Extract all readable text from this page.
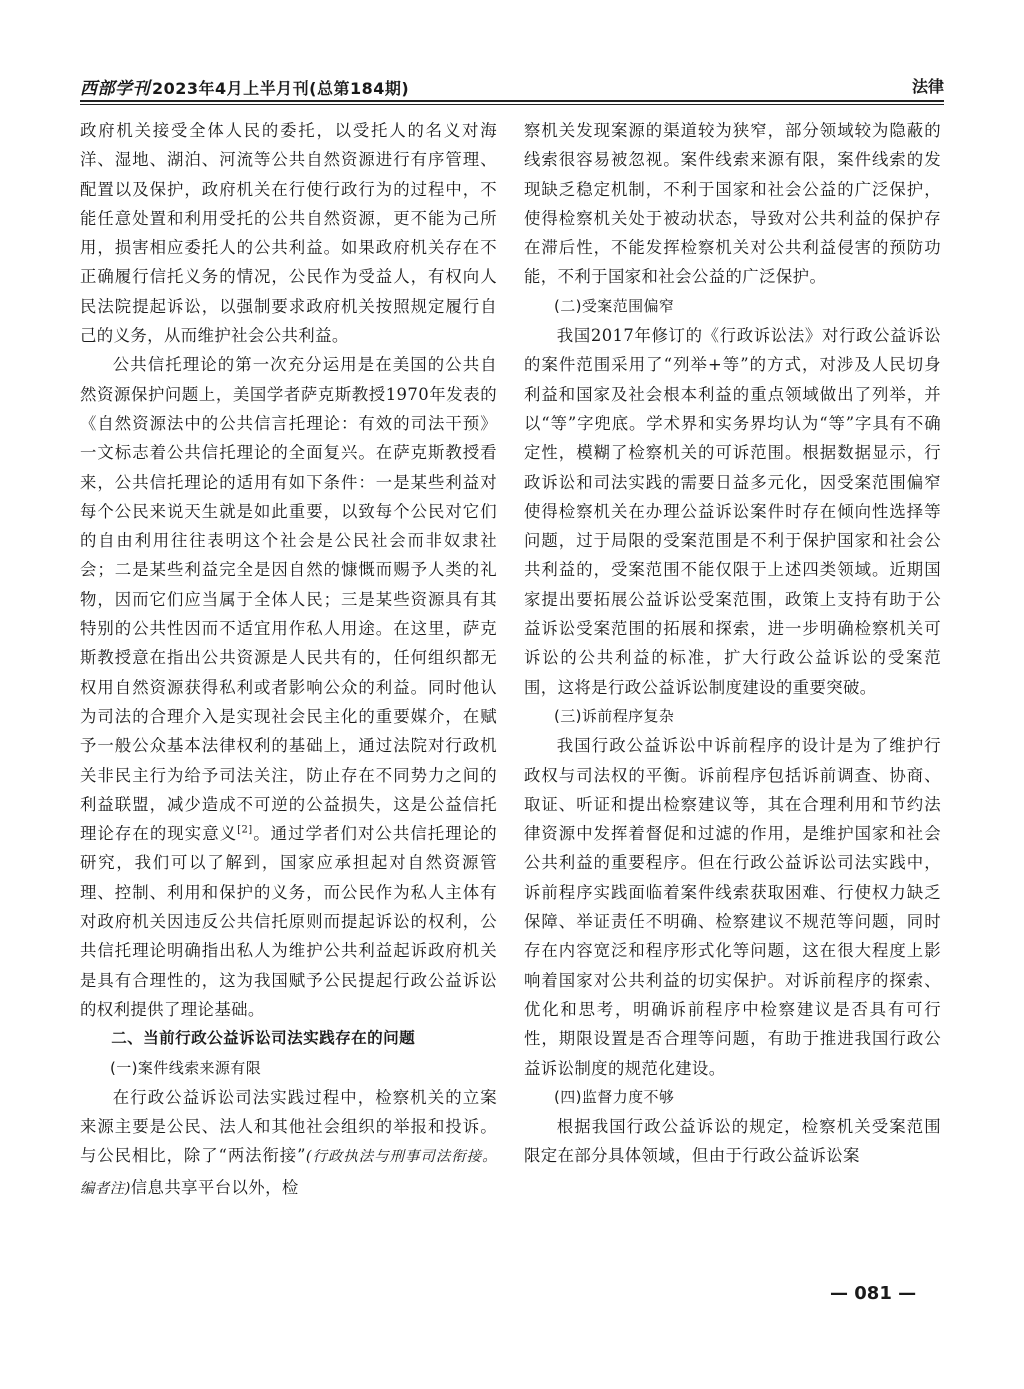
西部学刊 2023年4月上半月刊(总第184期)	法律

政府机关接受全体人民的委托，以受托人的名义对海洋、湿地、湖泊、河流等公共自然资源进行有序管理、配置以及保护，政府机关在行使行政行为的过程中，不能任意处置和利用受托的公共自然资源，更不能为己所用，损害相应委托人的公共利益。如果政府机关存在不正确履行信托义务的情况，公民作为受益人，有权向人民法院提起诉讼，以强制要求政府机关按照规定履行自己的义务，从而维护社会公共利益。

公共信托理论的第一次充分运用是在美国的公共自然资源保护问题上，美国学者萨克斯教授1970年发表的《自然资源法中的公共信言托理论：有效的司法干预》一文标志着公共信托理论的全面复兴。在萨克斯教授看来，公共信托理论的适用有如下条件：一是某些利益对每个公民来说天生就是如此重要，以致每个公民对它们的自由利用往往表明这个社会是公民社会而非奴隶社会；二是某些利益完全是因自然的慷慨而赐予人类的礼物，因而它们应当属于全体人民；三是某些资源具有其特别的公共性因而不适宜用作私人用途。在这里，萨克斯教授意在指出公共资源是人民共有的，任何组织都无权用自然资源获得私利或者影响公众的利益。同时他认为司法的合理介入是实现社会民主化的重要媒介，在赋予一般公众基本法律权利的基础上，通过法院对行政机关非民主行为给予司法关注，防止存在不同势力之间的利益联盟，减少造成不可逆的公益损失，这是公益信托理论存在的现实意义[2]。通过学者们对公共信托理论的研究，我们可以了解到，国家应承担起对自然资源管理、控制、利用和保护的义务，而公民作为私人主体有对政府机关因违反公共信托原则而提起诉讼的权利，公共信托理论明确指出私人为维护公共利益起诉政府机关是具有合理性的，这为我国赋予公民提起行政公益诉讼的权利提供了理论基础。

二、当前行政公益诉讼司法实践存在的问题

(一)案件线索来源有限

在行政公益诉讼司法实践过程中，检察机关的立案来源主要是公民、法人和其他社会组织的举报和投诉。与公民相比，除了“两法衔接”(行政执法与刑事司法衔接。编者注)信息共享平台以外，检

察机关发现案源的渠道较为狭窄，部分领域较为隐蔽的线索很容易被忽视。案件线索来源有限，案件线索的发现缺乏稳定机制，不利于国家和社会公益的广泛保护，使得检察机关处于被动状态，导致对公共利益的保护存在滞后性，不能发挥检察机关对公共利益侵害的预防功能，不利于国家和社会公益的广泛保护。

(二)受案范围偏窄

我国2017年修订的《行政诉讼法》对行政公益诉讼的案件范围采用了“列举+等”的方式，对涉及人民切身利益和国家及社会根本利益的重点领域做出了列举，并以“等”字兜底。学术界和实务界均认为“等”字具有不确定性，模糊了检察机关的可诉范围。根据数据显示，行政诉讼和司法实践的需要日益多元化，因受案范围偏窄使得检察机关在办理公益诉讼案件时存在倾向性选择等问题，过于局限的受案范围是不利于保护国家和社会公共利益的，受案范围不能仅限于上述四类领域。近期国家提出要拓展公益诉讼受案范围，政策上支持有助于公益诉讼受案范围的拓展和探索，进一步明确检察机关可诉讼的公共利益的标准，扩大行政公益诉讼的受案范围，这将是行政公益诉讼制度建设的重要突破。

(三)诉前程序复杂

我国行政公益诉讼中诉前程序的设计是为了维护行政权与司法权的平衡。诉前程序包括诉前调查、协商、取证、听证和提出检察建议等，其在合理利用和节约法律资源中发挥着督促和过滤的作用，是维护国家和社会公共利益的重要程序。但在行政公益诉讼司法实践中，诉前程序实践面临着案件线索获取困难、行使权力缺乏保障、举证责任不明确、检察建议不规范等问题，同时存在内容宽泛和程序形式化等问题，这在很大程度上影响着国家对公共利益的切实保护。对诉前程序的探索、优化和思考，明确诉前程序中检察建议是否具有可行性，期限设置是否合理等问题，有助于推进我国行政公益诉讼制度的规范化建设。

(四)监督力度不够

根据我国行政公益诉讼的规定，检察机关受案范围限定在部分具体领域，但由于行政公益诉讼案

— 081 —
